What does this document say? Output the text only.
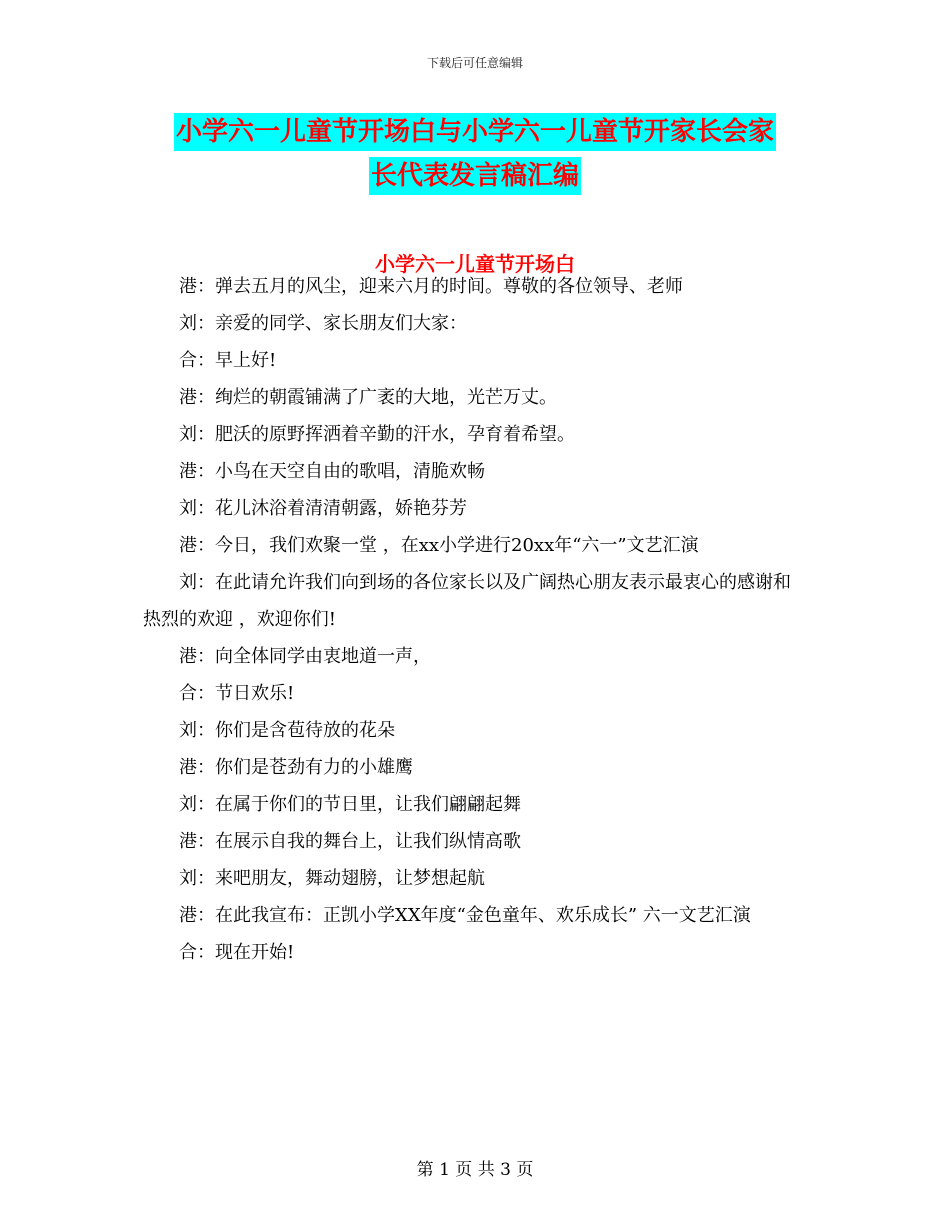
下载后可任意编辑
小学六一儿童节开场白与小学六一儿童节开家长会家
长代表发言稿汇编
小学六一儿童节开场白

港：弹去五月的风尘，迎来六月的时间。尊敬的各位领导、老师

刘：亲爱的同学、家长朋友们大家：

合：早上好!

港：绚烂的朝霞铺满了广袤的大地，光芒万丈。

刘：肥沃的原野挥洒着辛勤的汗水，孕育着希望。

港：小鸟在天空自由的歌唱，清脆欢畅

刘：花儿沐浴着清清朝露，娇艳芬芳

港：今日，我们欢聚一堂 ，在xx小学进行20xx年“六一”文艺汇演

刘：在此请允许我们向到场的各位家长以及广阔热心朋友表示最衷心的感谢和热烈的欢迎 ，欢迎你们!

港：向全体同学由衷地道一声，

合：节日欢乐!

刘：你们是含苞待放的花朵

港：你们是苍劲有力的小雄鹰

刘：在属于你们的节日里，让我们翩翩起舞

港：在展示自我的舞台上，让我们纵情高歌

刘：来吧朋友，舞动翅膀，让梦想起航

港：在此我宣布：正凯小学XX年度“金色童年、欢乐成长” 六一文艺汇演

合：现在开始!

第 1 页 共 3 页
